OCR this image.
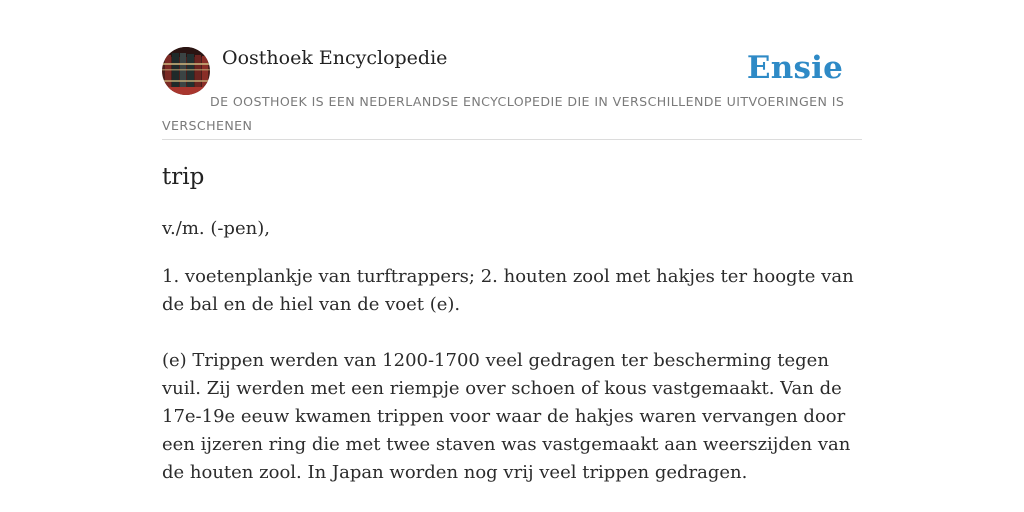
Oosthoek Encyclopedie	Ensie
DE OOSTHOEK IS EEN NEDERLANDSE ENCYCLOPEDIE DIE IN VERSCHILLENDE UITVOERINGEN IS VERSCHENEN
trip
v./m. (-pen),
1. voetenplankje van turftrappers; 2. houten zool met hakjes ter hoogte van de bal en de hiel van de voet (e).
(e) Trippen werden van 1200-1700 veel gedragen ter bescherming tegen vuil. Zij werden met een riempje over schoen of kous vastgemaakt. Van de 17e-19e eeuw kwamen trippen voor waar de hakjes waren vervangen door een ijzeren ring die met twee staven was vastgemaakt aan weerszijden van de houten zool. In Japan worden nog vrij veel trippen gedragen.
